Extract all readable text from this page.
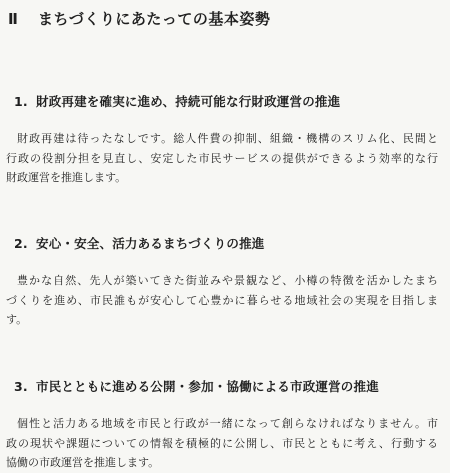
Ⅱ まちづくりにあたっての基本姿勢
1. 財政再建を確実に進め、持続可能な行財政運営の推進

財政再建は待ったなしです。総人件費の抑制、組織・機構のスリム化、民間と
行政の役割分担を見直し、安定した市民サービスの提供ができるよう効率的な行
財政運営を推進します。

2. 安心・安全、活力あるまちづくりの推進

豊かな自然、先人が築いてきた街並みや景観など、小樽の特徴を活かしたまち
づくりを進め、市民誰もが安心して心豊かに暮らせる地域社会の実現を目指しま
す。

3. 市民とともに進める公開・参加・協働による市政運営の推進

個性と活力ある地域を市民と行政が一緒になって創らなければなりません。市
政の現状や課題についての情報を積極的に公開し、市民とともに考え、行動する
協働の市政運営を推進します。
